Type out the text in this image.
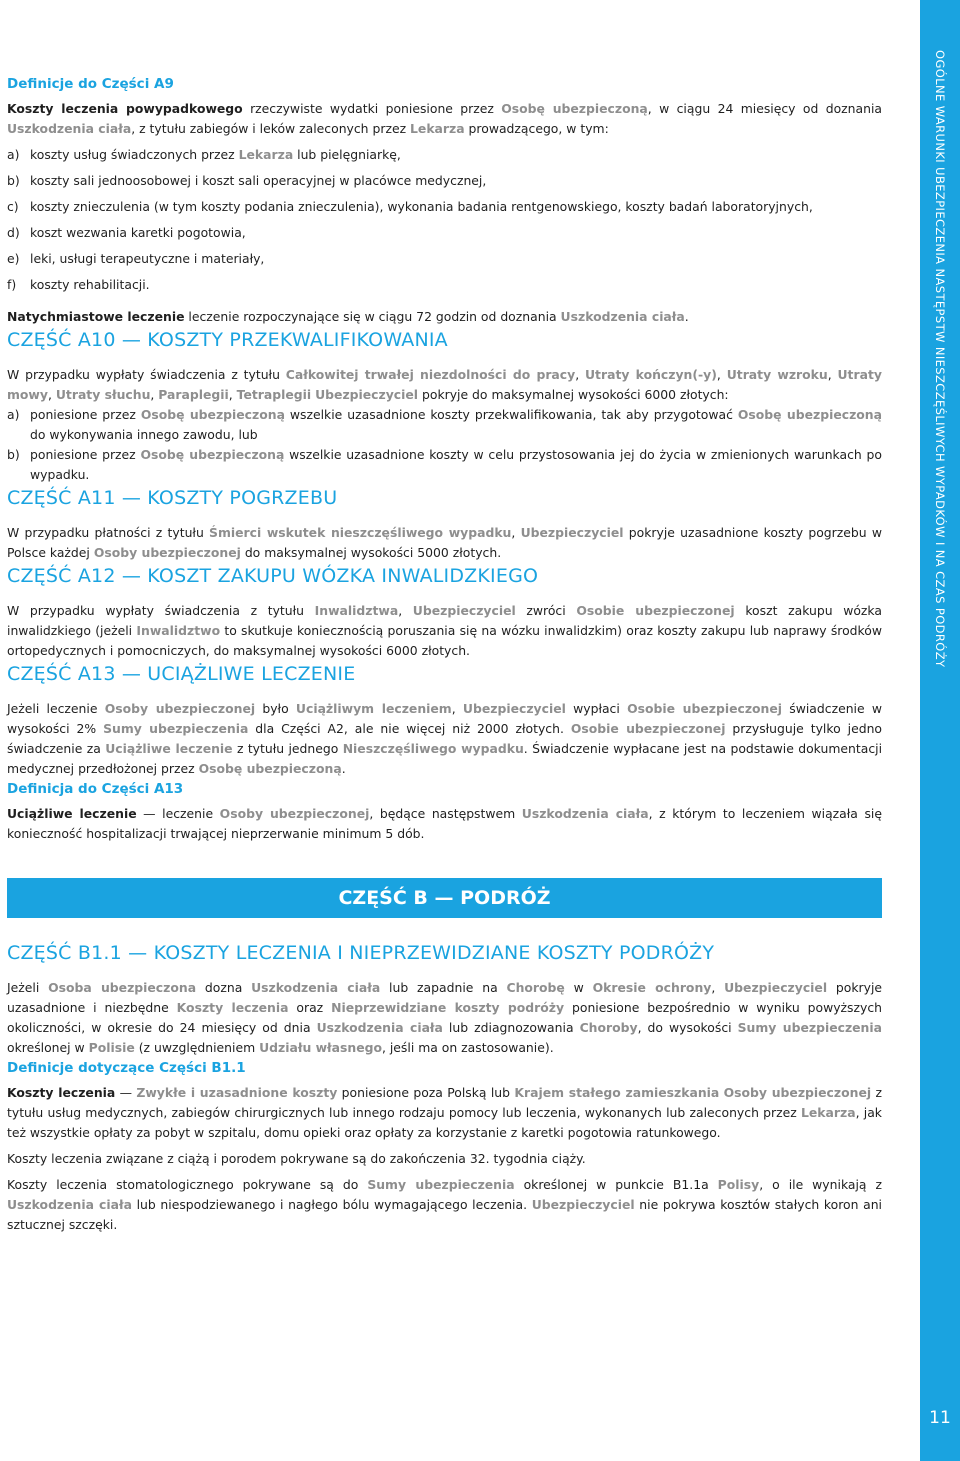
Definicje do Części A9

Koszty leczenia powypadkowego rzeczywiste wydatki poniesione przez Osobę ubezpieczoną, w ciągu 24 miesięcy od doznania Uszkodzenia ciała, z tytułu zabiegów i leków zaleconych przez Lekarza prowadzącego, w tym:

a) koszty usług świadczonych przez Lekarza lub pielęgniarkę,
b) koszty sali jednoosobowej i koszt sali operacyjnej w placówce medycznej,
c) koszty znieczulenia (w tym koszty podania znieczulenia), wykonania badania rentgenowskiego, koszty badań laboratoryjnych,
d) koszt wezwania karetki pogotowia,
e) leki, usługi terapeutyczne i materiały,
f)	koszty rehabilitacji.

Natychmiastowe leczenie leczenie rozpoczynające się w ciągu 72 godzin od doznania Uszkodzenia ciała.

CZĘŚĆ A10 — KOSZTY PRZEKWALIFIKOWANIA

W przypadku wypłaty świadczenia z tytułu Całkowitej trwałej niezdolności do pracy, Utraty kończyn(-y), Utraty wzroku, Utraty mowy, Utraty słuchu, Paraplegii, Tetraplegii Ubezpieczyciel pokryje do maksymalnej wysokości 6000 złotych:

a) poniesione przez Osobę ubezpieczoną wszelkie uzasadnione koszty przekwalifikowania, tak aby przygotować Osobę ubezpieczoną do wykonywania innego zawodu, lub
b) poniesione przez Osobę ubezpieczoną wszelkie uzasadnione koszty w celu przystosowania jej do życia w zmienionych warunkach po wypadku.
CZĘŚĆ A11 — KOSZTY POGRZEBU

W przypadku płatności z tytułu Śmierci wskutek nieszczęśliwego wypadku, Ubezpieczyciel pokryje uzasadnione koszty pogrzebu w Polsce każdej Osoby ubezpieczonej do maksymalnej wysokości 5000 złotych.

CZĘŚĆ A12 — KOSZT ZAKUPU WÓZKA INWALIDZKIEGO

W przypadku wypłaty świadczenia z tytułu Inwalidztwa, Ubezpieczyciel zwróci Osobie ubezpieczonej koszt zakupu wózka inwalidzkiego (jeżeli Inwalidztwo to skutkuje koniecznością poruszania się na wózku inwalidzkim) oraz koszty zakupu lub naprawy środków ortopedycznych i pomocniczych, do maksymalnej wysokości 6000 złotych.

CZĘŚĆ A13 — UCIĄŻLIWE LECZENIE

Jeżeli leczenie Osoby ubezpieczonej było Uciążliwym leczeniem, Ubezpieczyciel wypłaci Osobie ubezpieczonej świadczenie w wysokości 2% Sumy ubezpieczenia dla Części A2, ale nie więcej niż 2000 złotych. Osobie ubezpieczonej przysługuje tylko jedno świadczenie za Uciążliwe leczenie z tytułu jednego Nieszczęśliwego wypadku. Świadczenie wypłacane jest na podstawie dokumentacji medycznej przedłożonej przez Osobę ubezpieczoną.

Definicja do Części A13

Uciążliwe leczenie — leczenie Osoby ubezpieczonej, będące następstwem Uszkodzenia ciała, z którym to leczeniem wiązała się konieczność hospitalizacji trwającej nieprzerwanie minimum 5 dób.

CZĘŚĆ B — PODRÓŻ
CZĘŚĆ B1.1 — KOSZTY LECZENIA I NIEPRZEWIDZIANE KOSZTY PODRÓŻY

Jeżeli Osoba ubezpieczona dozna Uszkodzenia ciała lub zapadnie na Chorobę w Okresie ochrony, Ubezpieczyciel pokryje uzasadnione i niezbędne Koszty leczenia oraz Nieprzewidziane koszty podróży poniesione bezpośrednio w wyniku powyższych okoliczności, w okresie do 24 miesięcy od dnia Uszkodzenia ciała lub zdiagnozowania Choroby, do wysokości Sumy ubezpieczenia określonej w Polisie (z uwzględnieniem Udziału własnego, jeśli ma on zastosowanie).

Definicje dotyczące Części B1.1

Koszty leczenia — Zwykłe i uzasadnione koszty poniesione poza Polską lub Krajem stałego zamieszkania Osoby ubezpieczonej z tytułu usług medycznych, zabiegów chirurgicznych lub innego rodzaju pomocy lub leczenia, wykonanych lub zaleconych przez Lekarza, jak też wszystkie opłaty za pobyt w szpitalu, domu opieki oraz opłaty za korzystanie z karetki pogotowia ratunkowego.

Koszty leczenia związane z ciążą i porodem pokrywane są do zakończenia 32. tygodnia ciąży.

Koszty leczenia stomatologicznego pokrywane są do Sumy ubezpieczenia określonej w punkcie B1.1a Polisy, o ile wynikają z Uszkodzenia ciała lub niespodziewanego i nagłego bólu wymagającego leczenia. Ubezpieczyciel nie pokrywa kosztów stałych koron ani sztucznej szczęki.

OGÓLNE WARUNKI UBEZPIECZENIA NASTĘPSTW NIESZCZĘŚLIWYCH WYPADKÓW I NA CZAS PODRÓŻY
11
